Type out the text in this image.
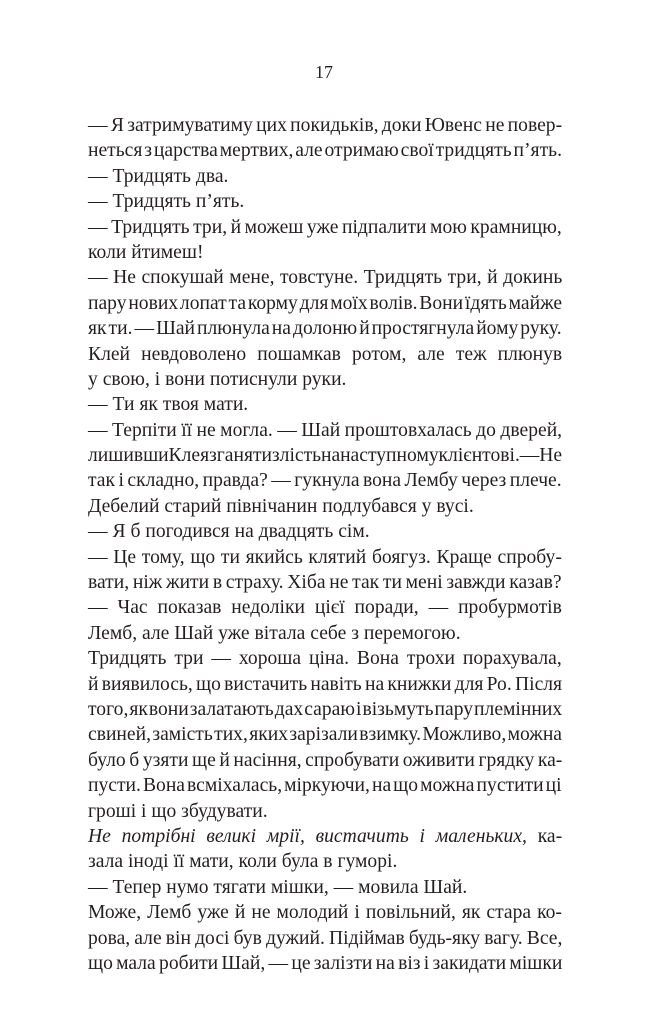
17
— Я затримуватиму цих покидьків, доки Ювенс не повер-
неться з царства мертвих, але отримаю свої тридцять п’ять.
— Тридцять два.
— Тридцять п’ять.
— Тридцять три, й можеш уже підпалити мою крамницю,
коли йтимеш!
— Не спокушай мене, товстуне. Тридцять три, й докинь
пару нових лопат та корму для моїх волів. Вони їдять майже
як ти. — Шай плюнула на долоню й простягнула йому руку.
Клей невдоволено пошамкав ротом, але теж плюнув
у свою, і вони потиснули руки.
— Ти як твоя мати.
— Терпіти її не могла. — Шай проштовхалась до дверей,
лишивши Клея зганяти злість на наступному клієнтові. — Не
так і складно, правда? — гукнула вона Лембу через плече.
Дебелий старий північанин подлубався у вусі.
— Я б погодився на двадцять сім.
— Це тому, що ти якийсь клятий боягуз. Краще спробу-
вати, ніж жити в страху. Хіба не так ти мені завжди казав?
— Час показав недоліки цієї поради, — пробурмотів
Лемб, але Шай уже вітала себе з перемогою.
Тридцять три — хороша ціна. Вона трохи порахувала,
й виявилось, що вистачить навіть на книжки для Ро. Після
того, як вони залатають дах сараю і візьмуть пару племінних
свиней, замість тих, яких зарізали взимку. Можливо, можна
було б узяти ще й насіння, спробувати оживити грядку ка-
пусти. Вона всміхалась, міркуючи, на що можна пустити ці
гроші і що збудувати.
Не потрібні великі мрії, вистачить і маленьких, ка-
зала іноді її мати, коли була в гуморі.
— Тепер нумо тягати мішки, — мовила Шай.
Може, Лемб уже й не молодий і повільний, як стара ко-
рова, але він досі був дужий. Підіймав будь-яку вагу. Все,
що мала робити Шай, — це залізти на віз і закидати мішки
